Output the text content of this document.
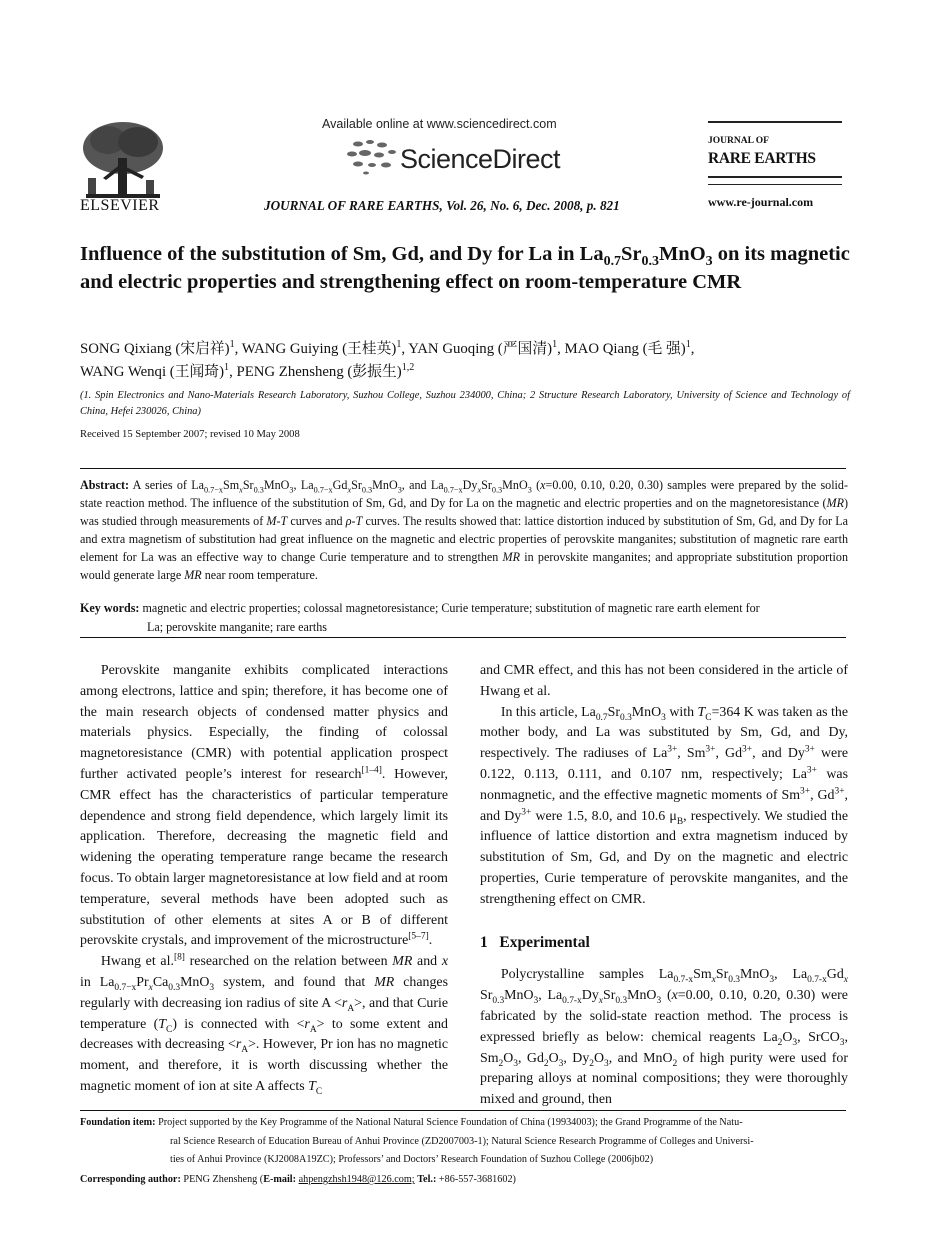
ELSEVIER
Available online at www.sciencedirect.com
ScienceDirect
JOURNAL OF RARE EARTHS, Vol. 26, No. 6, Dec. 2008, p. 821
JOURNAL OF
RARE EARTHS
www.re-journal.com
Influence of the substitution of Sm, Gd, and Dy for La in $La_{0.7}Sr_{0.3}MnO_3$ on its magnetic and electric properties and strengthening effect on room-temperature CMR
SONG Qixiang (宋启祥)$^1$, WANG Guiying (王桂英)$^1$, YAN Guoqing (严国清)$^1$, MAO Qiang (毛 强)$^1$,
WANG Wenqi (王闻琦)$^1$, PENG Zhensheng (彭振生)$^{1,2}$
(1. Spin Electronics and Nano-Materials Research Laboratory, Suzhou College, Suzhou 234000, China; 2 Structure Research Laboratory, University of Science and Technology of China, Hefei 230026, China)
Received 15 September 2007; revised 10 May 2008
Abstract: A series of $La_{0.7-x}Sm_xSr_{0.3}MnO_3$, $La_{0.7-x}Gd_xSr_{0.3}MnO_3$, and $La_{0.7-x}Dy_xSr_{0.3}MnO_3$ (x=0.00, 0.10, 0.20, 0.30) samples were prepared by the solid-state reaction method. The influence of the substitution of Sm, Gd, and Dy for La on the magnetic and electric properties and on the magnetoresistance (MR) was studied through measurements of M-T curves and ρ-T curves. The results showed that: lattice distortion induced by substitution of Sm, Gd, and Dy for La and extra magnetism of substitution had great influence on the magnetic and electric properties of perovskite manganites; substitution of magnetic rare earth element for La was an effective way to change Curie temperature and to strengthen MR in perovskite manganites; and appropriate substitution proportion would generate large MR near room temperature.
Key words: magnetic and electric properties; colossal magnetoresistance; Curie temperature; substitution of magnetic rare earth element for
La; perovskite manganite; rare earths

Perovskite manganite exhibits complicated interactions among electrons, lattice and spin; therefore, it has become one of the main research objects of condensed matter physics and materials physics. Especially, the finding of colossal magnetoresistance (CMR) with potential application prospect further activated people’s interest for research[1–4]. However, CMR effect has the characteristics of particular temperature dependence and strong field dependence, which largely limit its application. Therefore, decreasing the magnetic field and widening the operating temperature range became the research focus. To obtain larger magnetoresistance at low field and at room temperature, several methods have been adopted such as substitution of other elements at sites A or B of different perovskite crystals, and improvement of the microstructure[5–7].

Hwang et al.[8] researched on the relation between MR and x in $La_{0.7-x}Pr_xCa_{0.3}MnO_3$ system, and found that MR changes regularly with decreasing ion radius of site $A <r_A>$, and that Curie temperature $(T_C)$ is connected with $<r_A>$ to some extent and decreases with decreasing $<r_A>$. However, Pr ion has no magnetic moment, and therefore, it is worth discussing whether the magnetic moment of ion at site A affects $T_C$

and CMR effect, and this has not been considered in the article of Hwang et al.

In this article, $La_{0.7}Sr_{0.3}MnO_3$ with $T_C=364$ K was taken as the mother body, and La was substituted by Sm, Gd, and Dy, respectively. The radiuses of $La^{3+}$, $Sm^{3+}$, $Gd^{3+}$, and $Dy^{3+}$ were 0.122, 0.113, 0.111, and 0.107 nm, respectively; $La^{3+}$ was nonmagnetic, and the effective magnetic moments of $Sm^{3+}$, $Gd^{3+}$, and $Dy^{3+}$ were 1.5, 8.0, and 10.6 $\mu_B$, respectively. We studied the influence of lattice distortion and extra magnetism induced by substitution of Sm, Gd, and Dy on the magnetic and electric properties, Curie temperature of perovskite manganites, and the strengthening effect on CMR.

1 Experimental

Polycrystalline samples $La_{0.7-x}Sm_xSr_{0.3}MnO_3$, $La_{0.7-x}Gd_x$ $Sr_{0.3}MnO_3$, $La_{0.7-x}Dy_xSr_{0.3}MnO_3$ (x=0.00, 0.10, 0.20, 0.30) were fabricated by the solid-state reaction method. The process is expressed briefly as below: chemical reagents $La_2O_3$, SrCO$_3$, $Sm_2O_3$, $Gd_2O_3$, $Dy_2O_3$, and MnO$_2$ of high purity were used for preparing alloys at nominal compositions; they were thoroughly mixed and ground, then

Foundation item: Project supported by the Key Programme of the National Natural Science Foundation of China (19934003); the Grand Programme of the Natu-
ral Science Research of Education Bureau of Anhui Province (ZD2007003-1); Natural Science Research Programme of Colleges and Universi-
ties of Anhui Province (KJ2008A19ZC); Professors’ and Doctors’ Research Foundation of Suzhou College (2006jb02)
Corresponding author: PENG Zhensheng (E-mail: ahpengzhsh1948@126.com; Tel.: +86-557-3681602)
